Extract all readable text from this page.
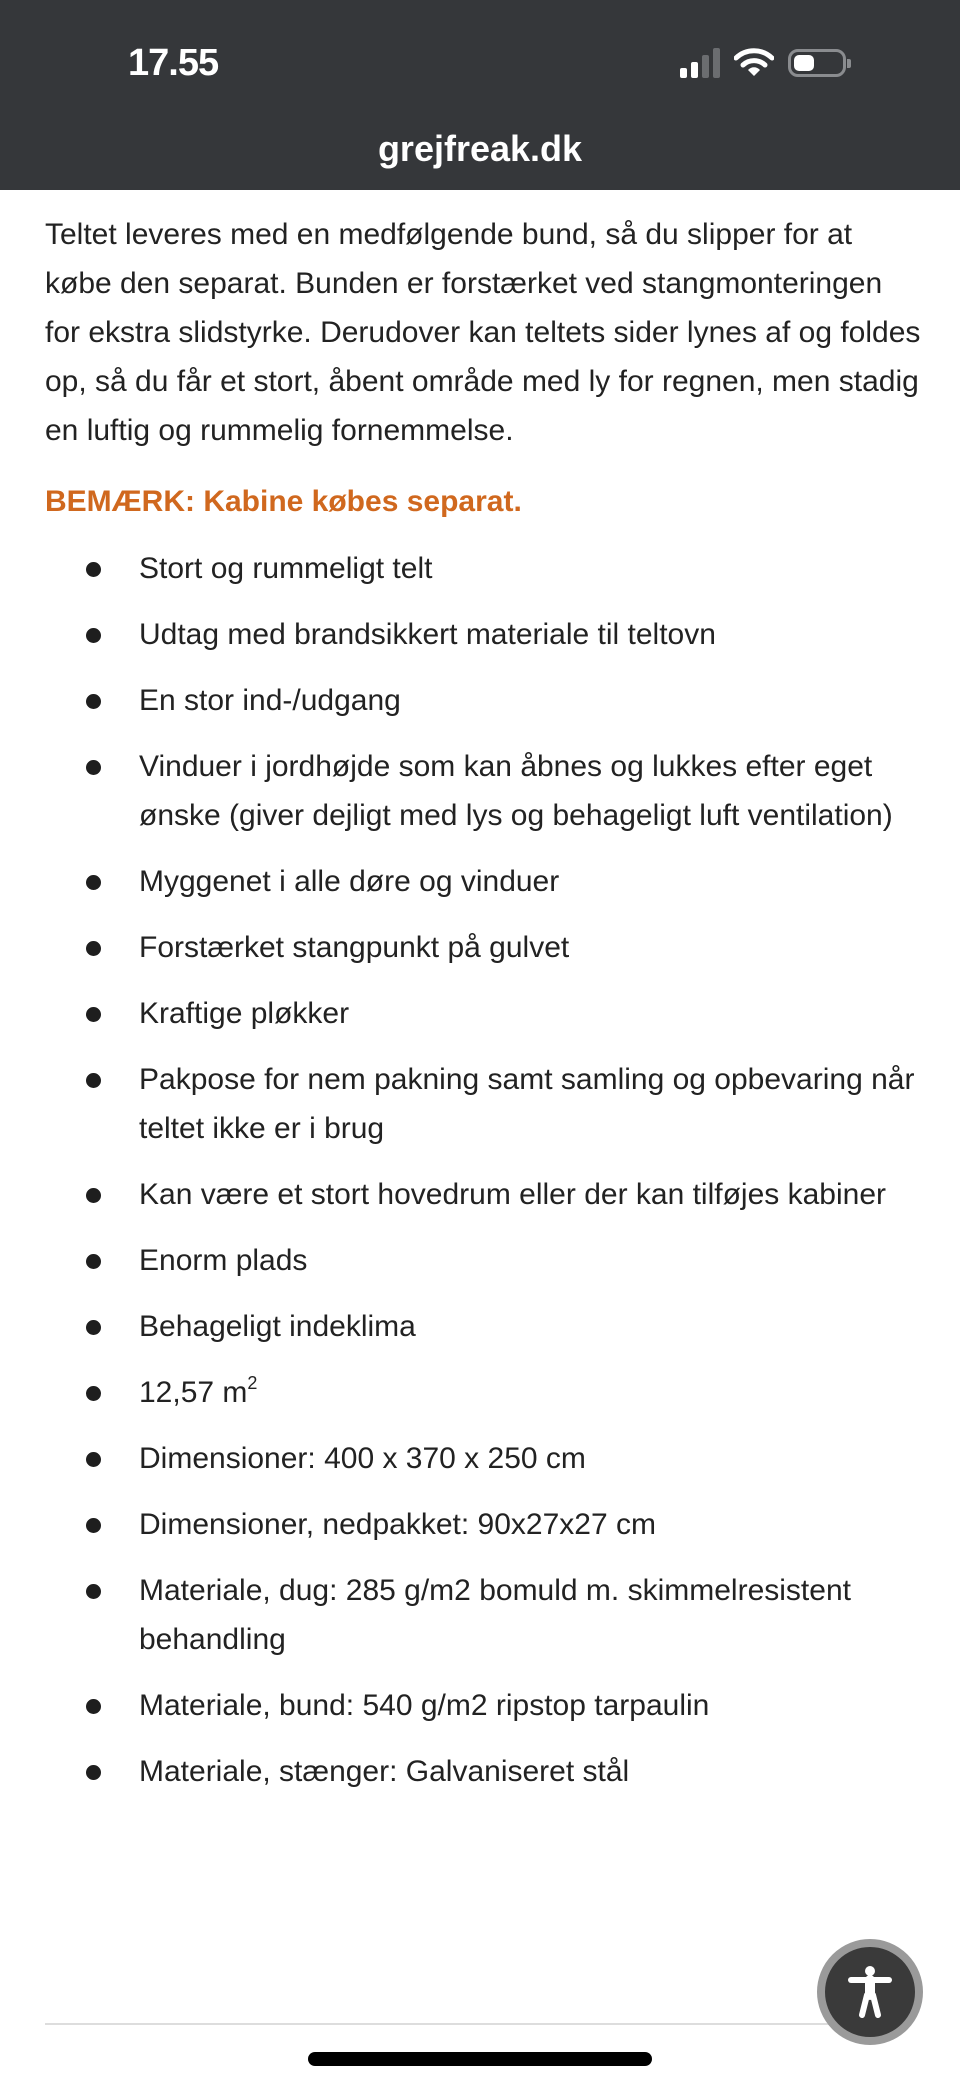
17.55
grejfreak.dk

Teltet leveres med en medfølgende bund, så du slipper for at købe den separat. Bunden er forstærket ved stangmonteringen for ekstra slidstyrke. Derudover kan teltets sider lynes af og foldes op, så du får et stort, åbent område med ly for regnen, men stadig en luftig og rummelig fornemmelse.

BEMÆRK: Kabine købes separat.
Stort og rummeligt telt
Udtag med brandsikkert materiale til teltovn
En stor ind-/udgang
Vinduer i jordhøjde som kan åbnes og lukkes efter eget ønske (giver dejligt med lys og behageligt luft ventilation)
Myggenet i alle døre og vinduer
Forstærket stangpunkt på gulvet
Kraftige pløkker
Pakpose for nem pakning samt samling og opbevaring når teltet ikke er i brug
Kan være et stort hovedrum eller der kan tilføjes kabiner
Enorm plads
Behageligt indeklima
12,57 $m^2$
Dimensioner: 400 x 370 x 250 cm
Dimensioner, nedpakket: 90x27x27 cm
Materiale, dug: 285 g/m2 bomuld m. skimmelresistent behandling
Materiale, bund: 540 g/m2 ripstop tarpaulin
Materiale, stænger: Galvaniseret stål
